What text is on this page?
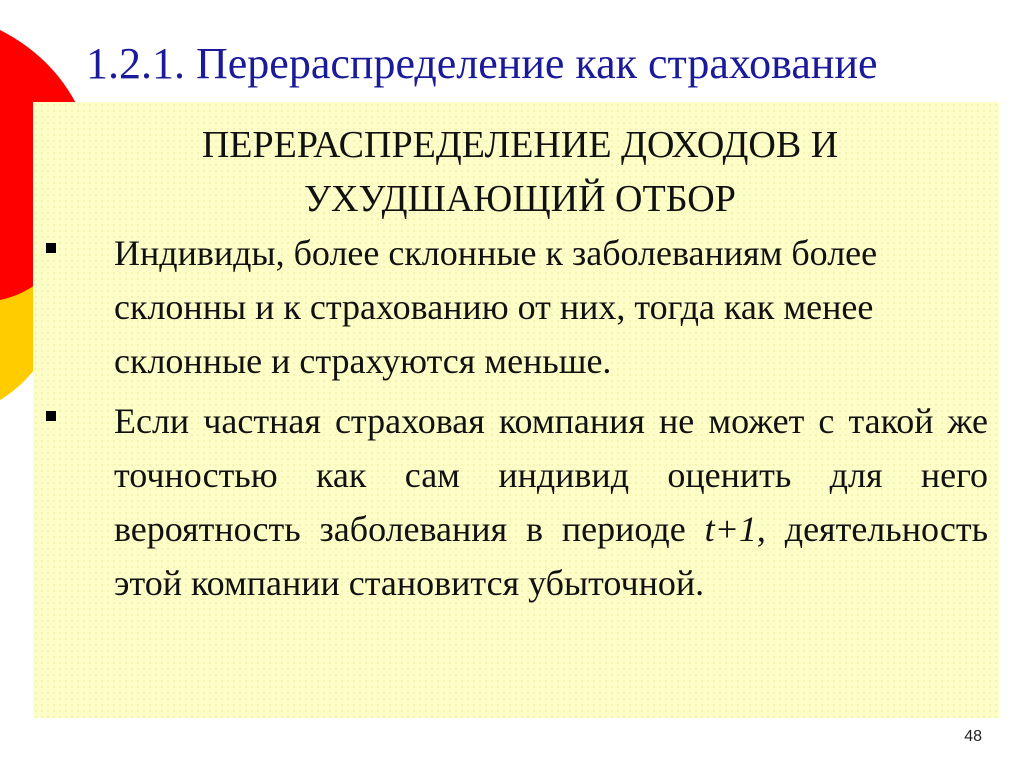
1.2.1. Перераспределение как страхование
ПЕРЕРАСПРЕДЕЛЕНИЕ ДОХОДОВ И
УХУДШАЮЩИЙ ОТБОР
Индивиды, более склонные к заболеваниям более склонны и к страхованию от них, тогда как менее склонные и страхуются меньше.
Если частная страховая компания не может с такой же точностью как сам индивид оценить для него вероятность заболевания в периоде t+1, деятельность этой компании становится убыточной.
48
